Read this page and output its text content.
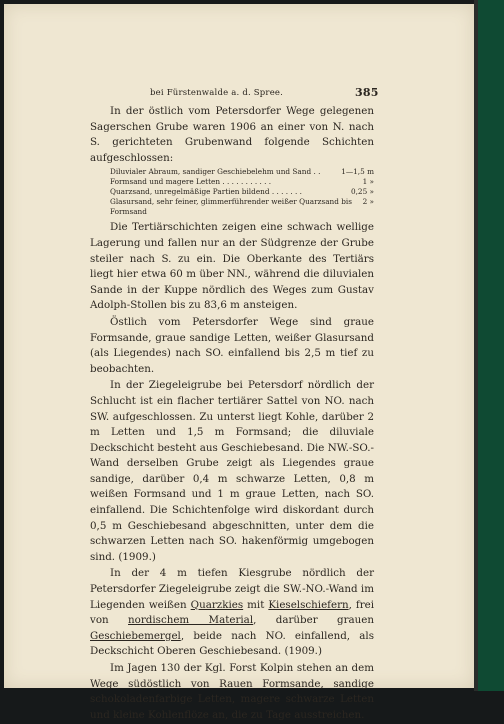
bei Fürstenwalde a. d. Spree.	385

In der östlich vom Petersdorfer Wege gelegenen Sagerschen Grube waren 1906 an einer von N. nach S. gerichteten Grubenwand folgende Schichten aufgeschlossen:

Diluvialer Abraum, sandiger Geschiebelehm und Sand . .	1—1,5 m
Formsand und magere Letten . . . . . . . . . . .	1 »
Quarzsand, unregelmäßige Partien bildend . . . . . . .	0,25 »
Glasursand, sehr feiner, glimmerführender weißer Quarzsand bis 2 »
Formsand

Die Tertiärschichten zeigen eine schwach wellige Lagerung und fallen nur an der Südgrenze der Grube steiler nach S. zu ein. Die Oberkante des Tertiärs liegt hier etwa 60 m über NN., während die diluvialen Sande in der Kuppe nördlich des Weges zum Gustav Adolph-Stollen bis zu 83,6 m ansteigen.

Östlich vom Petersdorfer Wege sind graue Formsande, graue sandige Letten, weißer Glasursand (als Liegendes) nach SO. einfallend bis 2,5 m tief zu beobachten.

In der Ziegeleigrube bei Petersdorf nördlich der Schlucht ist ein flacher tertiärer Sattel von NO. nach SW. aufgeschlossen. Zu unterst liegt Kohle, darüber 2 m Letten und 1,5 m Formsand; die diluviale Deckschicht besteht aus Geschiebesand. Die NW.-SO.-Wand derselben Grube zeigt als Liegendes graue sandige, darüber 0,4 m schwarze Letten, 0,8 m weißen Formsand und 1 m graue Letten, nach SO. einfallend. Die Schichtenfolge wird diskordant durch 0,5 m Geschiebesand abgeschnitten, unter dem die schwarzen Letten nach SO. hakenförmig umgebogen sind. (1909.)

In der 4 m tiefen Kiesgrube nördlich der Petersdorfer Ziegeleigrube zeigt die SW.-NO.-Wand im Liegenden weißen Quarzkies mit Kieselschiefern, frei von nordischem Material, darüber grauen Geschiebemergel, beide nach NO. einfallend, als Deckschicht Oberen Geschiebesand. (1909.)

Im Jagen 130 der Kgl. Forst Kolpin stehen an dem Wege südöstlich von Rauen Formsande, sandige schokoladenfarbige Letten, magere schwarze Letten und kleine Kohlenflöze an, die zu Tage ausstreichen.
